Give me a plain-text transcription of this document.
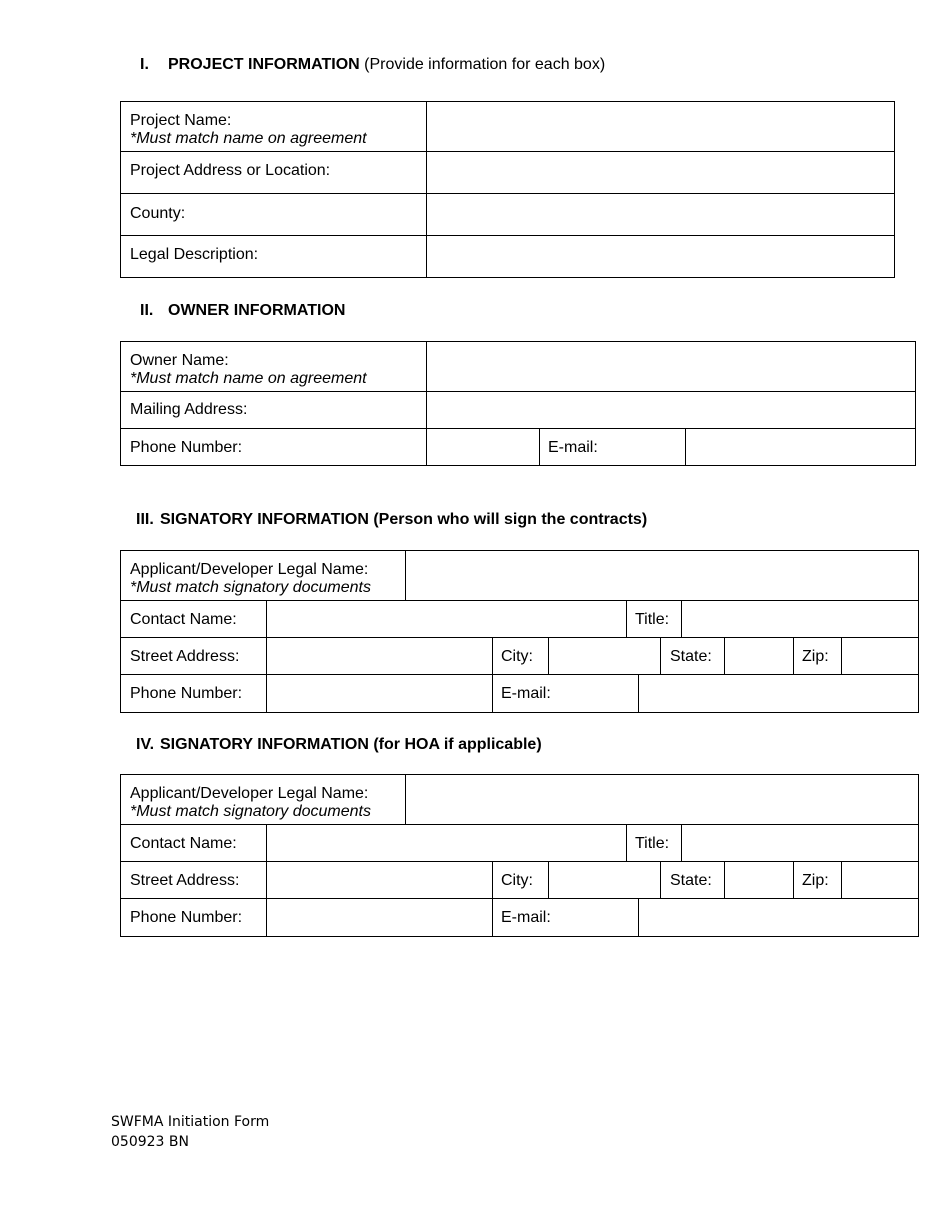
I. PROJECT INFORMATION (Provide information for each box)
Project Name:
*Must match name on agreement
Project Address or Location:
County:
Legal Description:
II. OWNER INFORMATION
Owner Name:
*Must match name on agreement
Mailing Address:
Phone Number:	E-mail:
III. SIGNATORY INFORMATION (Person who will sign the contracts)
Applicant/Developer Legal Name:
*Must match signatory documents
Contact Name:	Title:
Street Address:	City:	State:	Zip:
Phone Number:	E-mail:
IV. SIGNATORY INFORMATION (for HOA if applicable)
Applicant/Developer Legal Name:
*Must match signatory documents
Contact Name:	Title:
Street Address:	City:	State:	Zip:
Phone Number:	E-mail:
SWFMA Initiation Form
050923 BN
